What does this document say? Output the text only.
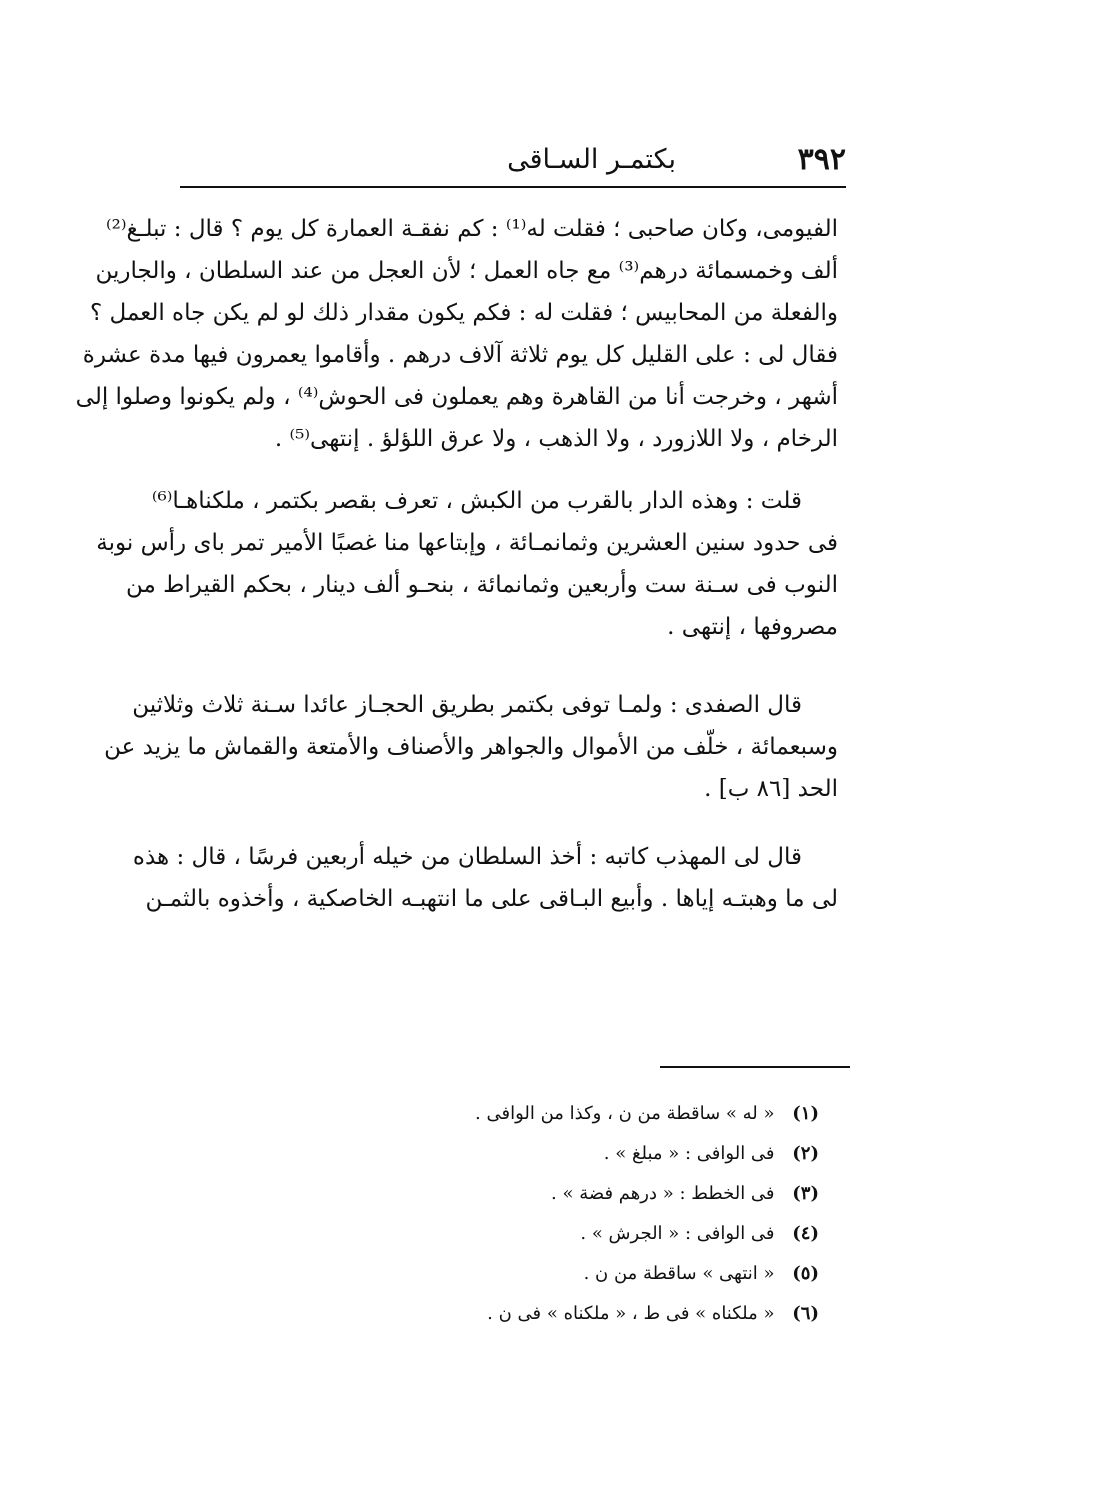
٣٩٢
بكتمـر السـاقى
الفيومى، وكان صاحبى ؛ فقلت له⁽¹⁾ : كم نفقـة العمارة كل يوم ؟ قال : تبلـغ⁽²⁾
ألف وخمسمائة درهم⁽³⁾ مع جاه العمل ؛ لأن العجل من عند السلطان ، والجارين
والفعلة من المحابيس ؛ فقلت له : فكم يكون مقدار ذلك لو لم يكن جاه العمل ؟
فقال لى : على القليل كل يوم ثلاثة آلاف درهم . وأقاموا يعمرون فيها مدة عشرة
أشهر ، وخرجت أنا من القاهرة وهم يعملون فى الحوش⁽⁴⁾ ، ولم يكونوا وصلوا إلى
الرخام ، ولا اللازورد ، ولا الذهب ، ولا عرق اللؤلؤ . إنتهى⁽⁵⁾ .
قلت : وهذه الدار بالقرب من الكبش ، تعرف بقصر بكتمر ، ملكناهـا⁽⁶⁾
فى حدود سنين العشرين وثمانمـائة ، وإبتاعها منا غصبًا الأمير تمر باى رأس نوبة
النوب فى سـنة ست وأربعين وثمانمائة ، بنحـو ألف دينار ، بحكم القيراط من
مصروفها ، إنتهى .
قال الصفدى : ولمـا توفى بكتمر بطريق الحجـاز عائدا سـنة ثلاث وثلاثين
وسبعمائة ، خلّف من الأموال والجواهر والأصناف والأمتعة والقماش ما يزيد عن
الحد [٨٦ ب] .
قال لى المهذب كاتبه : أخذ السلطان من خيله أربعين فرسًا ، قال : هذه
لى ما وهبتـه إياها . وأبيع البـاقى على ما انتهبـه الخاصكية ، وأخذوه بالثمـن
(١) « له » ساقطة من ن ، وكذا من الوافى .
(٢) فى الوافى : « مبلغ » .
(٣) فى الخطط : « درهم فضة » .
(٤) فى الوافى : « الجرش » .
(٥) « انتهى » ساقطة من ن .
(٦) « ملكناه » فى ط ، « ملكناه » فى ن .
